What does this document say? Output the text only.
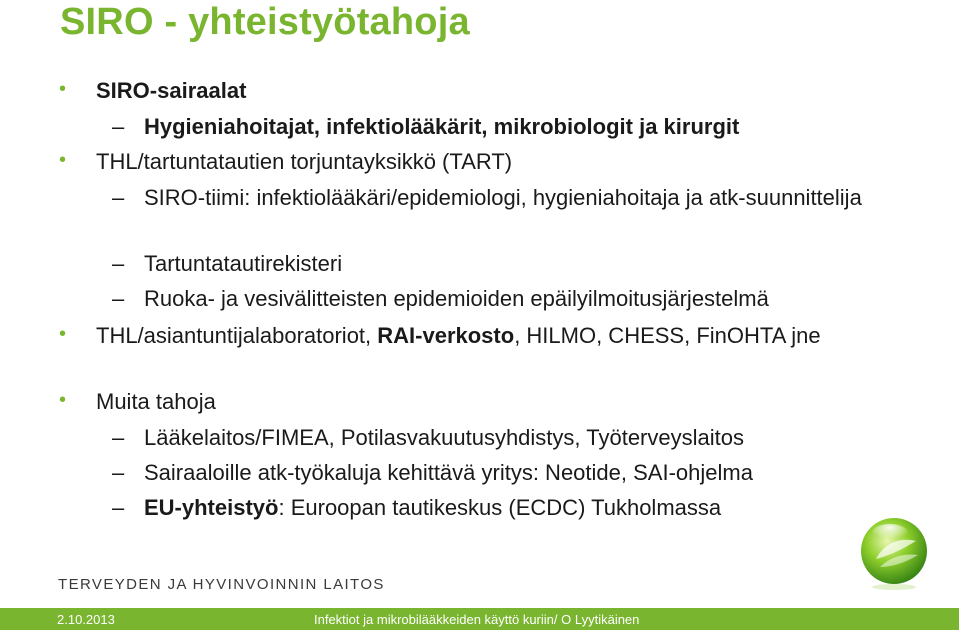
SIRO - yhteistyötahoja
• SIRO-sairaalat
– Hygieniahoitajat, infektiolääkärit, mikrobiologit ja kirurgit
• THL/tartuntatautien torjuntayksikkö (TART)
– SIRO-tiimi: infektiolääkäri/epidemiologi, hygieniahoitaja ja atk-suunnittelija
– Tartuntatautirekisteri
– Ruoka- ja vesivälitteisten epidemioiden epäilyilmoitusjärjestelmä
• THL/asiantuntijalaboratoriot, RAI-verkosto, HILMO, CHESS, FinOHTA jne
• Muita tahoja
– Lääkelaitos/FIMEA, Potilasvakuutusyhdistys, Työterveyslaitos
– Sairaaloille atk-työkaluja kehittävä yritys: Neotide, SAI-ohjelma
– EU-yhteistyö: Euroopan tautikeskus (ECDC) Tukholmassa
TERVEYDEN JA HYVINVOINNIN LAITOS
2.10.2013	Infektiot ja mikrobilääkkeiden käyttö kuriin/ O Lyytikäinen
